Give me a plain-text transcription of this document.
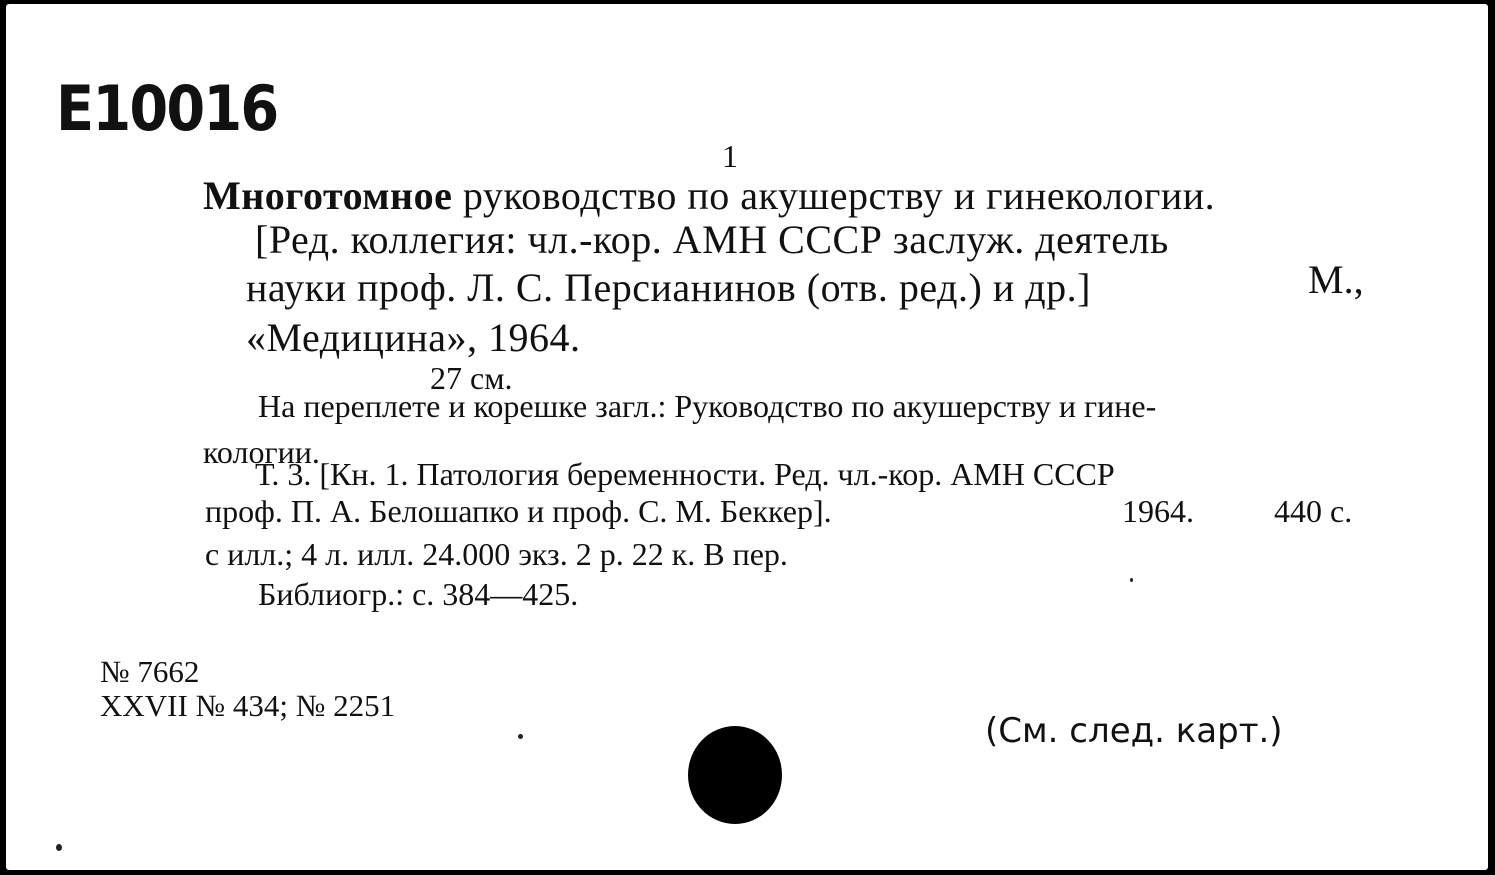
E10016
1
Многотомное руководство по акушерству и гинекологии.
[Ред. коллегия: чл.-кор. АМН СССР заслуж. деятель
науки проф. Л. С. Персианинов (отв. ред.) и др.]	М.,
«Медицина», 1964.
27 см.
На переплете и корешке загл.: Руководство по акушерству и гине-
кологии.
Т. 3. [Кн. 1. Патология беременности. Ред. чл.-кор. АМН СССР
проф. П. А. Белошапко и проф. С. М. Беккер].	1964.	440 с.
с илл.; 4 л. илл. 24.000 экз. 2 р. 22 к. В пер.
Библиогр.: с. 384—425.
№ 7662
XXVII № 434; № 2251
(См. след. карт.)
